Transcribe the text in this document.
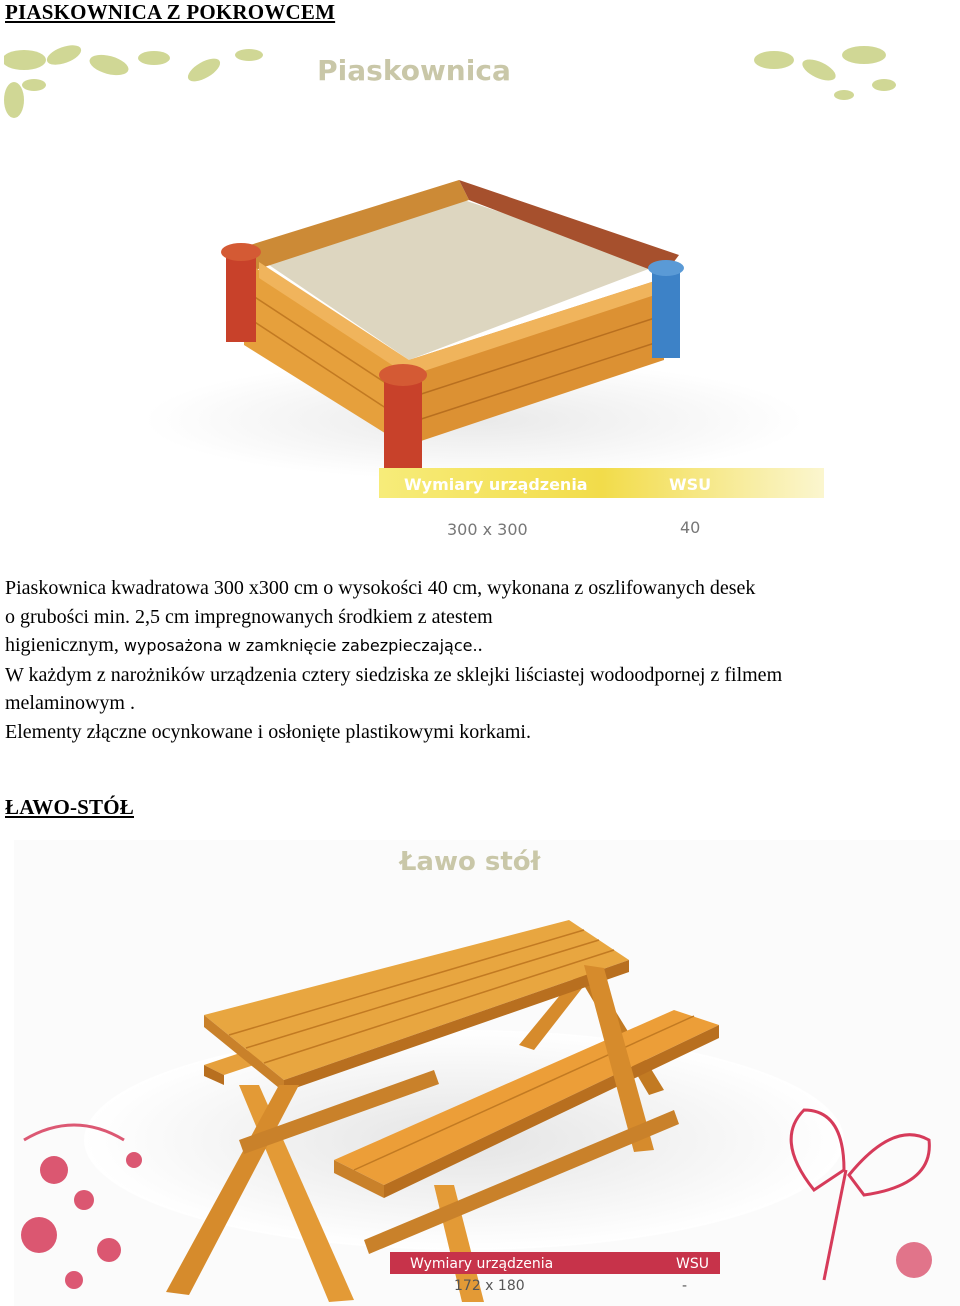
PIASKOWNICA Z POKROWCEM
Piaskownica
Wymiary urządzenia	WSU
300 x 300	40

Piaskownica kwadratowa 300 x300 cm o wysokości 40 cm, wykonana z oszlifowanych desek

o grubości min. 2,5 cm impregnowanych środkiem z atestem

higienicznym, wyposażona w zamknięcie zabezpieczające..

W każdym z narożników urządzenia cztery siedziska ze sklejki liściastej wodoodpornej z filmem

melaminowym .

Elementy złączne ocynkowane i osłonięte plastikowymi korkami.

ŁAWO-STÓŁ
Ławo stół
Wymiary urządzenia	WSU
172 x 180	-
